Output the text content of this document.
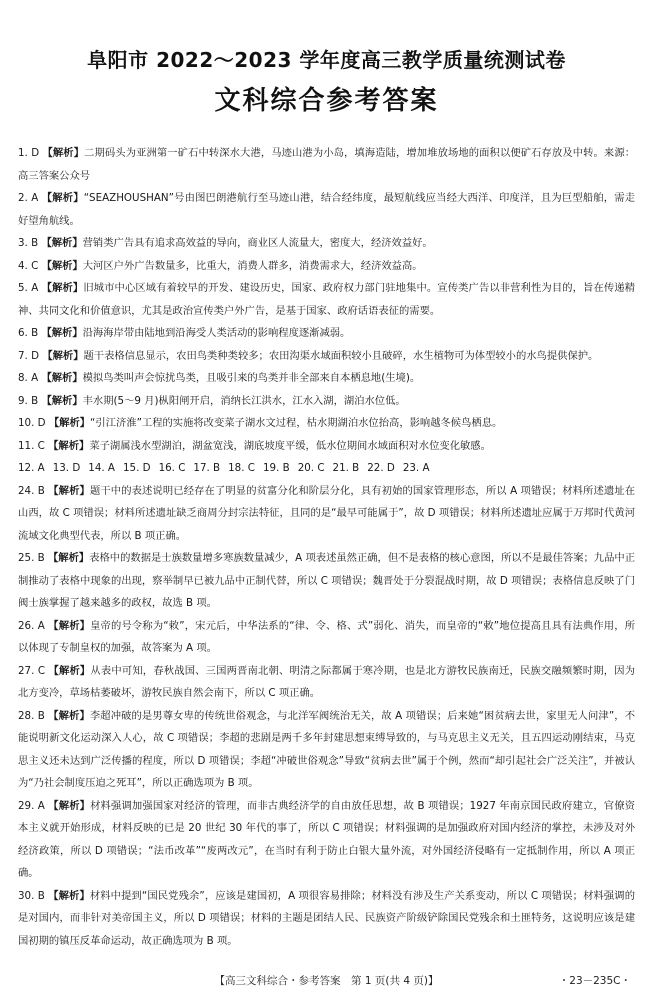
阜阳市 2022～2023 学年度高三教学质量统测试卷
文科综合参考答案
1. D 【解析】二期码头为亚洲第一矿石中转深水大港，马迹山港为小岛，填海造陆，增加堆放场地的面积以便矿石存放及中转。来源：高三答案公众号
2. A 【解析】“SEAZHOUSHAN”号由图巴朗港航行至马迹山港，结合经纬度，最短航线应当经大西洋、印度洋，且为巨型船舶，需走好望角航线。
3. B 【解析】营销类广告具有追求高效益的导向，商业区人流量大，密度大，经济效益好。
4. C 【解析】大河区户外广告数量多，比重大，消费人群多，消费需求大，经济效益高。
5. A 【解析】旧城市中心区域有着较早的开发、建设历史，国家、政府权力部门驻地集中。宣传类广告以非营利性为目的，旨在传递精神、共同文化和价值意识，尤其是政治宣传类户外广告，是基于国家、政府话语表征的需要。
6. B 【解析】沿海海岸带由陆地到沿海受人类活动的影响程度逐渐减弱。
7. D 【解析】题干表格信息显示，农田鸟类种类较多；农田沟渠水域面积较小且破碎，水生植物可为体型较小的水鸟提供保护。
8. A 【解析】模拟鸟类叫声会惊扰鸟类，且吸引来的鸟类并非全部来自本栖息地(生境)。
9. B 【解析】丰水期(5～9 月)枞阳闸开启，消纳长江洪水，江水入湖，湖泊水位低。
10. D 【解析】“引江济淮”工程的实施将改变菜子湖水文过程，枯水期湖泊水位抬高，影响越冬候鸟栖息。
11. C 【解析】菜子湖属浅水型湖泊，湖盆宽浅，湖底坡度平缓，低水位期间水域面积对水位变化敏感。
12. A 13. D 14. A 15. D 16. C 17. B 18. C 19. B 20. C 21. B 22. D 23. A
24. B 【解析】题干中的表述说明已经存在了明显的贫富分化和阶层分化，具有初始的国家管理形态，所以 A 项错误；材料所述遗址在山西，故 C 项错误；材料所述遗址缺乏商周分封宗法特征，且同的是“最早可能属于”，故 D 项错误；材料所述遗址应属于万邦时代黄河流域文化典型代表，所以 B 项正确。
25. B 【解析】表格中的数据是士族数量增多寒族数量减少，A 项表述虽然正确，但不是表格的核心意图，所以不是最佳答案；九品中正制推动了表格中现象的出现，察举制早已被九品中正制代替，所以 C 项错误；魏晋处于分裂混战时期，故 D 项错误；表格信息反映了门阀士族掌握了越来越多的政权，故选 B 项。
26. A 【解析】皇帝的号令称为“敕”，宋元后，中华法系的“律、令、格、式”弱化、消失，而皇帝的“敕”地位提高且具有法典作用，所以体现了专制皇权的加强，故答案为 A 项。
27. C 【解析】从表中可知，春秋战国、三国两晋南北朝、明清之际都属于寒冷期，也是北方游牧民族南迁，民族交融频繁时期，因为北方变冷，草场枯萎破坏，游牧民族自然会南下，所以 C 项正确。
28. B 【解析】李超冲破的是男尊女卑的传统世俗观念，与北洋军阀统治无关，故 A 项错误；后来她“困贫病去世，家里无人问津”，不能说明新文化运动深入人心，故 C 项错误；李超的悲剧是两千多年封建思想束缚导致的，与马克思主义无关，且五四运动刚结束，马克思主义还未达到广泛传播的程度，所以 D 项错误；李超“冲破世俗观念”导致“贫病去世”属于个例，然而“却引起社会广泛关注”，并被认为“乃社会制度压迫之死耳”，所以正确选项为 B 项。
29. A 【解析】材料强调加强国家对经济的管理，而非古典经济学的自由放任思想，故 B 项错误；1927 年南京国民政府建立，官僚资本主义就开始形成，材料反映的已是 20 世纪 30 年代的事了，所以 C 项错误；材料强调的是加强政府对国内经济的掌控，未涉及对外经济政策，所以 D 项错误；“法币改革”“废两改元”，在当时有利于防止白银大量外流，对外国经济侵略有一定抵制作用，所以 A 项正确。
30. B 【解析】材料中提到“国民党残余”，应该是建国初，A 项很容易排除；材料没有涉及生产关系变动，所以 C 项错误；材料强调的是对国内，而非针对美帝国主义，所以 D 项错误；材料的主题是团结人民、民族资产阶级铲除国民党残余和土匪特务，这说明应该是建国初期的镇压反革命运动，故正确选项为 B 项。
【高三文科综合・参考答案　第 1 页(共 4 页)】	・23－235C・
